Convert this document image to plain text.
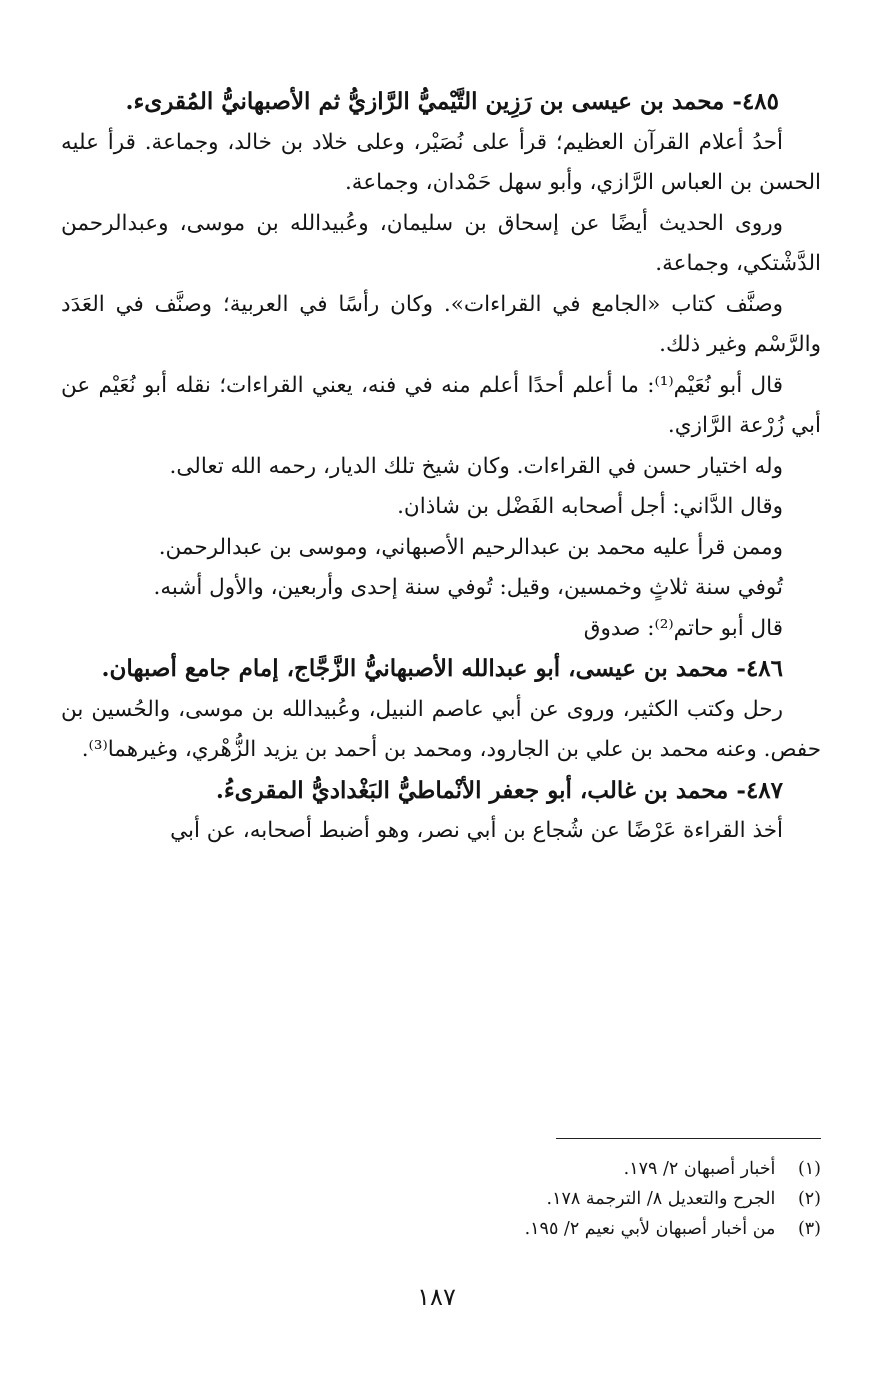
٤٨٥- محمد بن عيسى بن رَزِين التَّيْميُّ الرَّازيُّ ثم الأصبهانيُّ المُقرىء.

أحدُ أعلام القرآن العظيم؛ قرأ على نُصَيْر، وعلى خلاد بن خالد، وجماعة. قرأ عليه الحسن بن العباس الرَّازي، وأبو سهل حَمْدان، وجماعة.

وروى الحديث أيضًا عن إسحاق بن سليمان، وعُبيدالله بن موسى، وعبدالرحمن الدَّشْتكي، وجماعة.

وصنَّف كتاب «الجامع في القراءات». وكان رأسًا في العربية؛ وصنَّف في العَدَد والرَّسْم وغير ذلك.

قال أبو نُعَيْم⁽¹⁾: ما أعلم أحدًا أعلم منه في فنه، يعني القراءات؛ نقله أبو نُعَيْم عن أبي زُرْعة الرَّازي.

وله اختيار حسن في القراءات. وكان شيخ تلك الديار، رحمه الله تعالى.

وقال الدَّاني: أجل أصحابه الفَضْل بن شاذان.

وممن قرأ عليه محمد بن عبدالرحيم الأصبهاني، وموسى بن عبدالرحمن.

تُوفي سنة ثلاثٍ وخمسين، وقيل: تُوفي سنة إحدى وأربعين، والأول أشبه.

قال أبو حاتم⁽²⁾: صدوق

٤٨٦- محمد بن عيسى، أبو عبدالله الأصبهانيُّ الزَّجَّاج، إمام جامع أصبهان.

رحل وكتب الكثير، وروى عن أبي عاصم النبيل، وعُبيدالله بن موسى، والحُسين بن حفص. وعنه محمد بن علي بن الجارود، ومحمد بن أحمد بن يزيد الزُّهْري، وغيرهما⁽³⁾.

٤٨٧- محمد بن غالب، أبو جعفر الأنْماطيُّ البَغْداديُّ المقرىءُ.

أخذ القراءة عَرْضًا عن شُجاع بن أبي نصر، وهو أضبط أصحابه، عن أبي

(١) أخبار أصبهان ٢/ ١٧٩.

(٢) الجرح والتعديل ٨/ الترجمة ١٧٨.

(٣) من أخبار أصبهان لأبي نعيم ٢/ ١٩٥.

١٨٧
